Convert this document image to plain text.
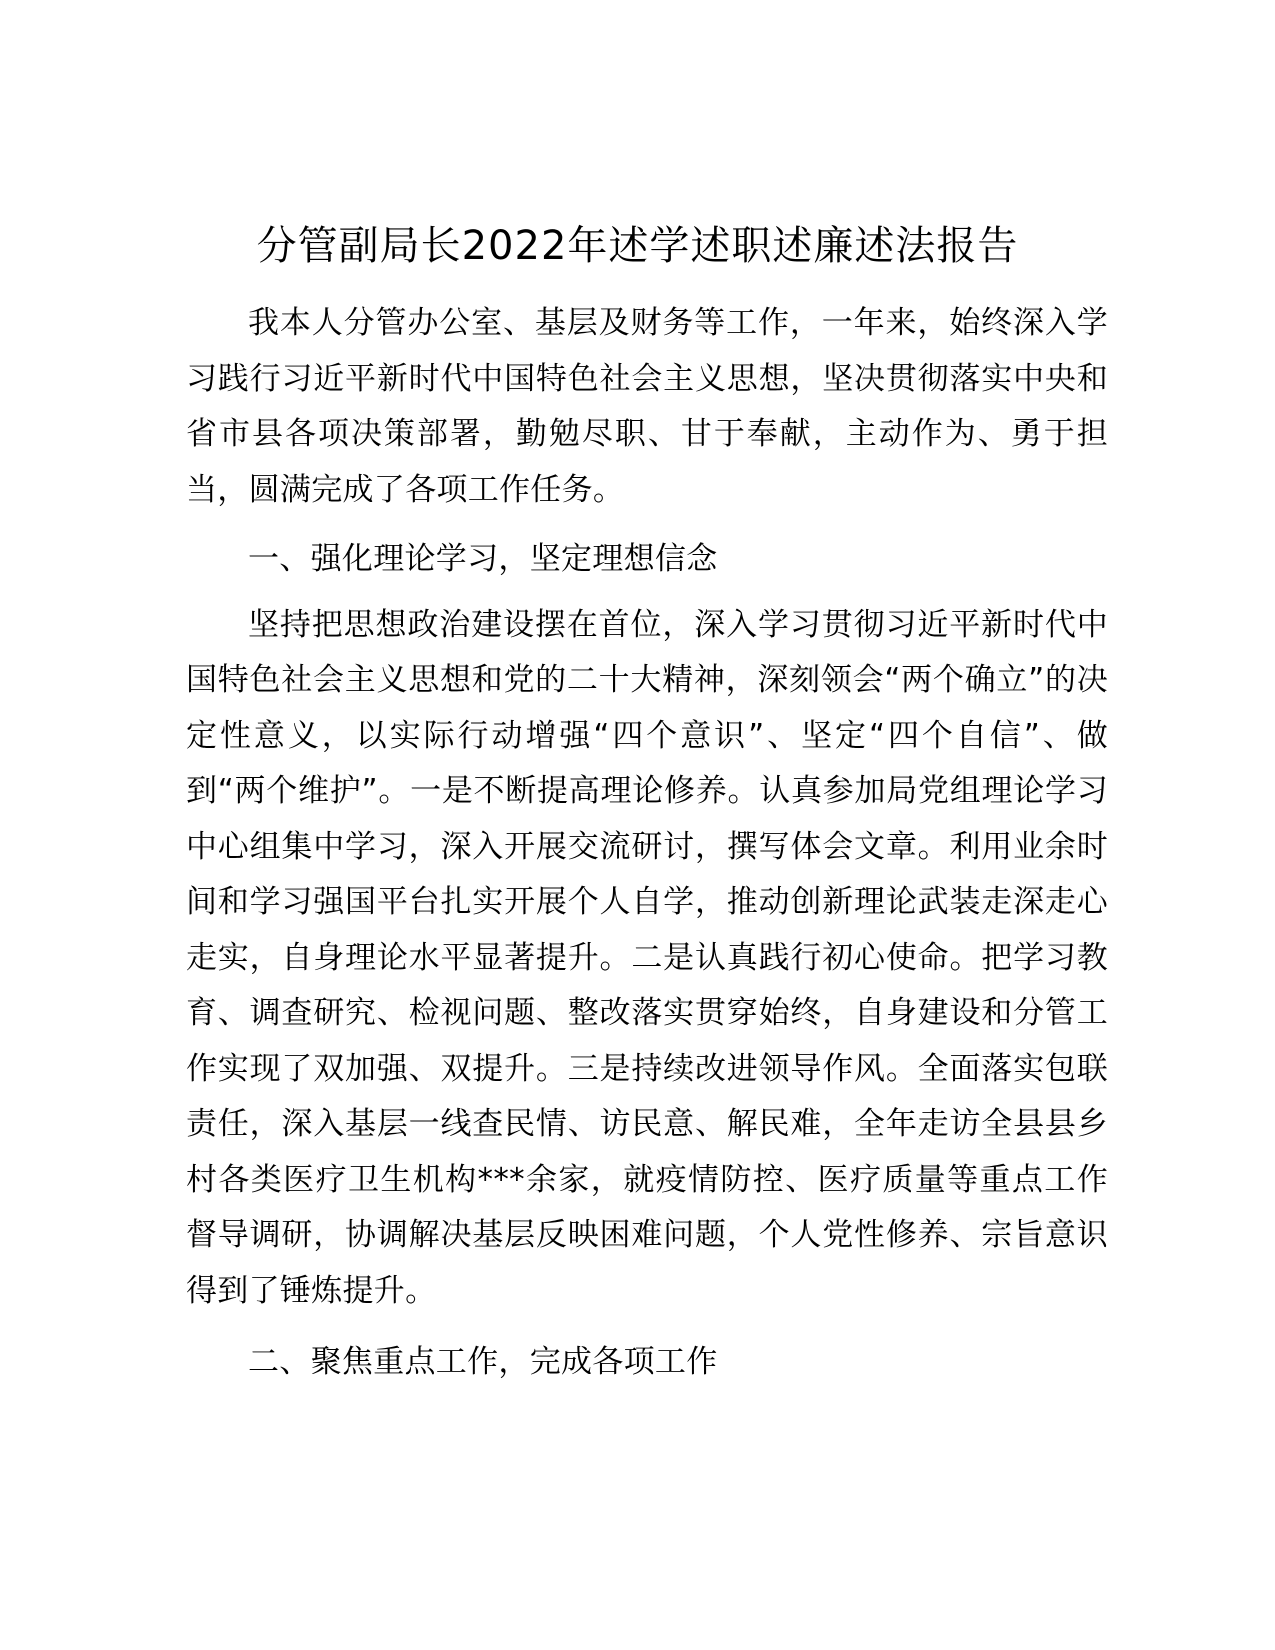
分管副局长2022年述学述职述廉述法报告

我本人分管办公室、基层及财务等工作，一年来，始终深入学习践行习近平新时代中国特色社会主义思想，坚决贯彻落实中央和省市县各项决策部署，勤勉尽职、甘于奉献，主动作为、勇于担当，圆满完成了各项工作任务。

一、强化理论学习，坚定理想信念

坚持把思想政治建设摆在首位，深入学习贯彻习近平新时代中国特色社会主义思想和党的二十大精神，深刻领会“两个确立”的决定性意义，以实际行动增强“四个意识”、坚定“四个自信”、做到“两个维护”。一是不断提高理论修养。认真参加局党组理论学习中心组集中学习，深入开展交流研讨，撰写体会文章。利用业余时间和学习强国平台扎实开展个人自学，推动创新理论武装走深走心走实，自身理论水平显著提升。二是认真践行初心使命。把学习教育、调查研究、检视问题、整改落实贯穿始终，自身建设和分管工作实现了双加强、双提升。三是持续改进领导作风。全面落实包联责任，深入基层一线查民情、访民意、解民难，全年走访全县县乡村各类医疗卫生机构***余家，就疫情防控、医疗质量等重点工作督导调研，协调解决基层反映困难问题，个人党性修养、宗旨意识得到了锤炼提升。

二、聚焦重点工作，完成各项工作
